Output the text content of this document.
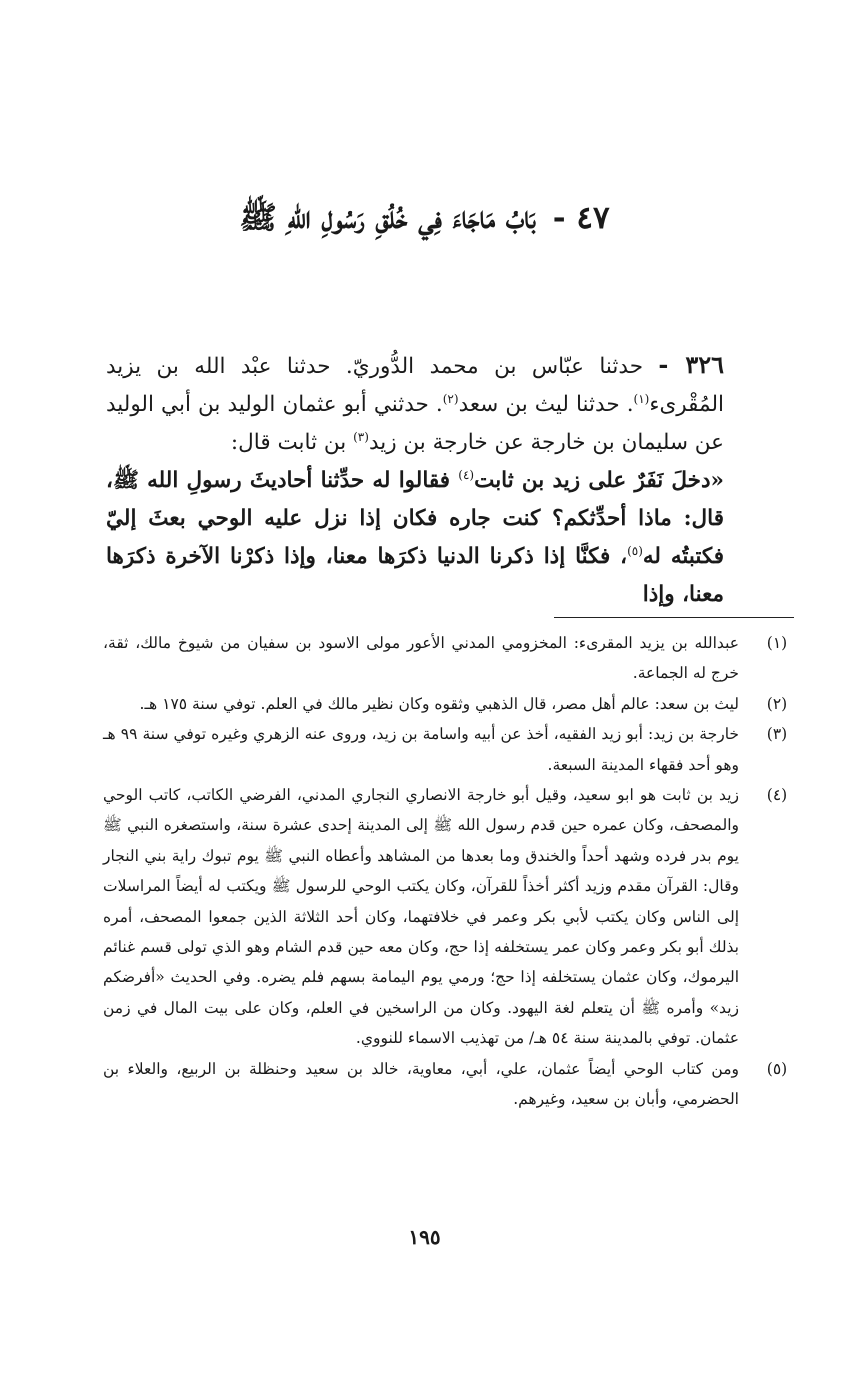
٤٧ - بَابُ مَاجَاءَ فِي خُلُقِ رَسُولِ اللهِ ﷺ
٣٢٦ - حدثنا عبّاس بن محمد الدُّوريّ. حدثنا عبْد الله بن يزيد المُقْرىء$^{(١)}$. حدثنا ليث بن سعد$^{(٢)}$. حدثني أبو عثمان الوليد بن أبي الوليد عن سليمان بن خارجة عن خارجة بن زيد$^{(٣)}$ بن ثابت قال:
«دخلَ نَفَرٌ على زيد بن ثابت$^{(٤)}$ فقالوا له حدِّثنا أحاديثَ رسولِ الله ﷺ، قال: ماذا أحدِّثكم؟ كنت جاره فكان إذا نزل عليه الوحي بعثَ إليّ فكتبتُه له$^{(٥)}$، فكنَّا إذا ذكرنا الدنيا ذكرَها معنا، وإذا ذكرْنا الآخرة ذكرَها معنا، وإذا
(١)
عبدالله بن يزيد المقرىء: المخزومي المدني الأعور مولى الاسود بن سفيان من شيوخ مالك، ثقة، خرج له الجماعة.
(٢)
ليث بن سعد: عالم أهل مصر، قال الذهبي وثقوه وكان نظير مالك في العلم. توفي سنة ١٧٥ هـ.
(٣)
خارجة بن زيد: أبو زيد الفقيه، أخذ عن أبيه واسامة بن زيد، وروى عنه الزهري وغيره توفي سنة ٩٩ هـ وهو أحد فقهاء المدينة السبعة.
(٤)
زيد بن ثابت هو ابو سعيد، وقيل أبو خارجة الانصاري النجاري المدني، الفرضي الكاتب، كاتب الوحي والمصحف، وكان عمره حين قدم رسول الله ﷺ إلى المدينة إحدى عشرة سنة، واستصغره النبي ﷺ يوم بدر فرده وشهد أحداً والخندق وما بعدها من المشاهد وأعطاه النبي ﷺ يوم تبوك راية بني النجار وقال: القرآن مقدم وزيد أكثر أخذاً للقرآن، وكان يكتب الوحي للرسول ﷺ ويكتب له أيضاً المراسلات إلى الناس وكان يكتب لأبي بكر وعمر في خلافتهما، وكان أحد الثلاثة الذين جمعوا المصحف، أمره بذلك أبو بكر وعمر وكان عمر يستخلفه إذا حج، وكان معه حين قدم الشام وهو الذي تولى قسم غنائم اليرموك، وكان عثمان يستخلفه إذا حج؛ ورمي يوم اليمامة بسهم فلم يضره. وفي الحديث «أفرضكم زيد» وأمره ﷺ أن يتعلم لغة اليهود. وكان من الراسخين في العلم، وكان على بيت المال في زمن عثمان. توفي بالمدينة سنة ٥٤ هـ/ من تهذيب الاسماء للنووي.
(٥)
ومن كتاب الوحي أيضاً عثمان، علي، أبي، معاوية، خالد بن سعيد وحنظلة بن الربيع، والعلاء بن الحضرمي، وأبان بن سعيد، وغيرهم.
١٩٥
